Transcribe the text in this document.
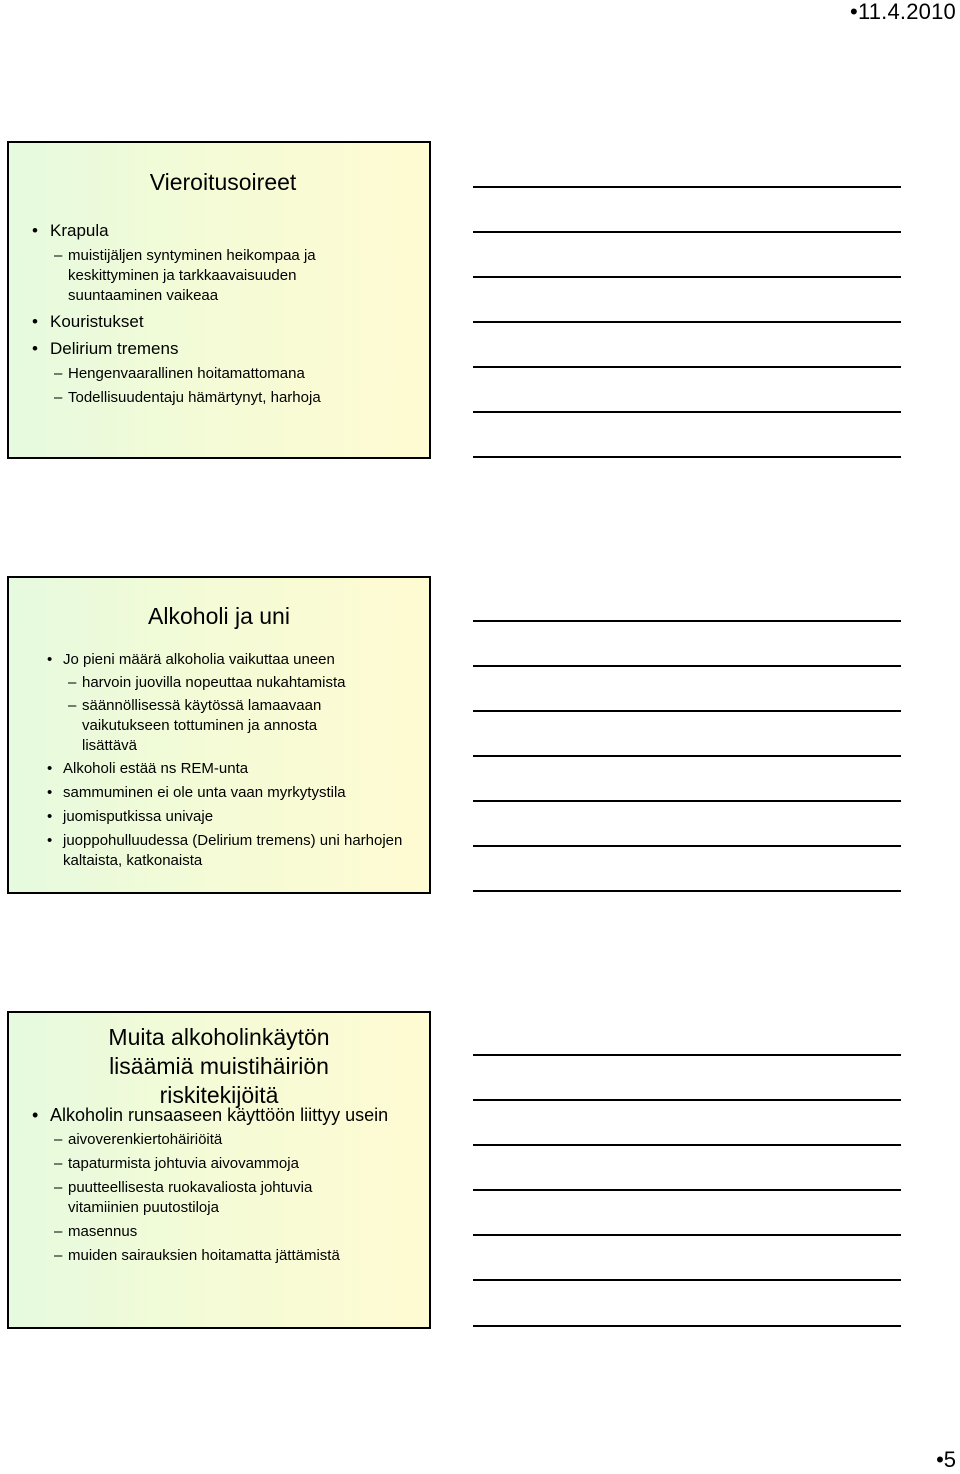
•11.4.2010
Vieroitusoireet
• Krapula
– muistijäljen syntyminen heikompaa ja keskittyminen ja tarkkaavaisuuden suuntaaminen vaikeaa
• Kouristukset
• Delirium tremens
– Hengenvaarallinen hoitamattomana
– Todellisuudentaju hämärtynyt, harhoja
Alkoholi ja uni
• Jo pieni määrä alkoholia vaikuttaa uneen
– harvoin juovilla nopeuttaa nukahtamista
– säännöllisessä käytössä lamaavaan vaikutukseen tottuminen ja annosta lisättävä
• Alkoholi estää ns REM-unta
• sammuminen ei ole unta vaan myrkytystila
• juomisputkissa univaje
• juoppohulluudessa (Delirium tremens) uni harhojen kaltaista, katkonaista
Muita alkoholinkäytön lisäämiä muistihäiriön riskitekijöitä
• Alkoholin runsaaseen käyttöön liittyy usein
– aivoverenkiertohäiriöitä
– tapaturmista johtuvia aivovammoja
– puutteellisesta ruokavaliosta johtuvia vitamiinien puutostiloja
– masennus
– muiden sairauksien hoitamatta jättämistä
•5
